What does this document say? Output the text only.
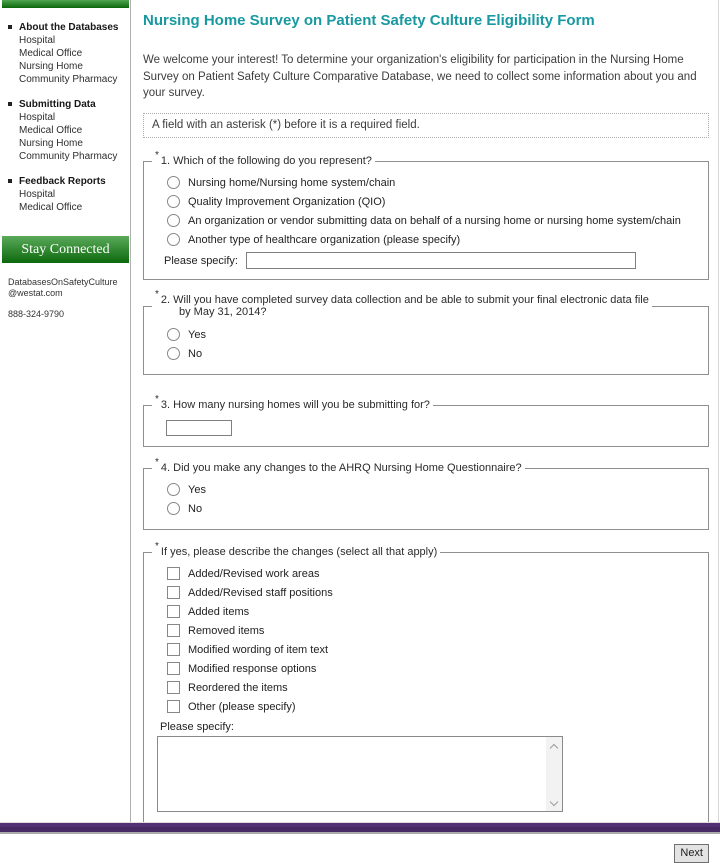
About the Databases
Hospital
Medical Office
Nursing Home
Community Pharmacy
Submitting Data
Hospital
Medical Office
Nursing Home
Community Pharmacy
Feedback Reports
Hospital
Medical Office
Stay Connected
DatabasesOnSafetyCulture
@westat.com
888-324-9790
Nursing Home Survey on Patient Safety Culture Eligibility Form

We welcome your interest! To determine your organization's eligibility for participation in the Nursing Home Survey on Patient Safety Culture Comparative Database, we need to collect some information about you and your survey.

A field with an asterisk (*) before it is a required field.
* 1. Which of the following do you represent?
Nursing home/Nursing home system/chain
Quality Improvement Organization (QIO)
An organization or vendor submitting data on behalf of a nursing home or nursing home system/chain
Another type of healthcare organization (please specify)
Please specify:
* 2. Will you have completed survey data collection and be able to submit your final electronic data file
by May 31, 2014?
Yes
No
* 3. How many nursing homes will you be submitting for?
* 4. Did you make any changes to the AHRQ Nursing Home Questionnaire?
Yes
No
* If yes, please describe the changes (select all that apply)
Added/Revised work areas
Added/Revised staff positions
Added items
Removed items
Modified wording of item text
Modified response options
Reordered the items
Other (please specify)
Please specify:
Next
